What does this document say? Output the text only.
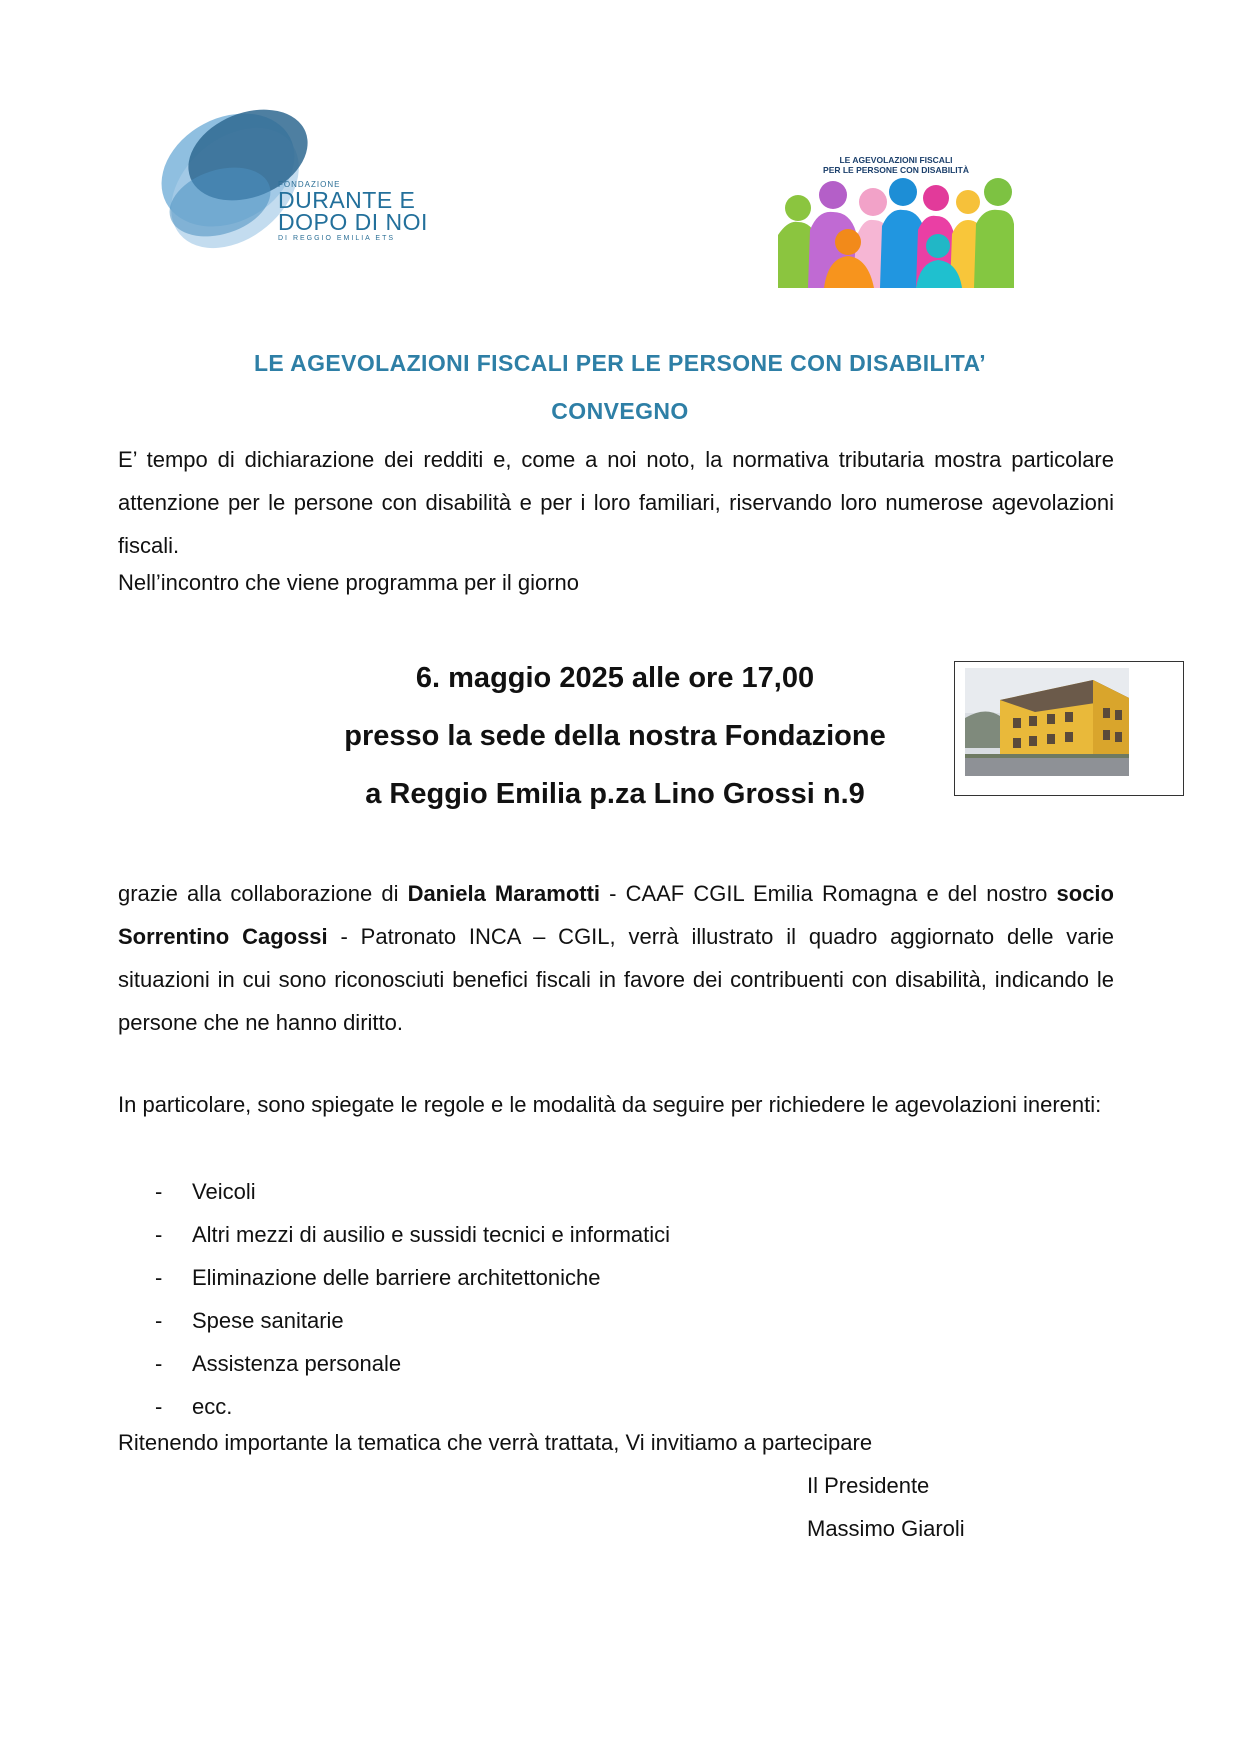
FONDAZIONE
DURANTE E
DOPO DI NOI
DI REGGIO EMILIA ETS
LE AGEVOLAZIONI FISCALI
PER LE PERSONE CON DISABILITÀ
LE AGEVOLAZIONI FISCALI PER LE PERSONE CON DISABILITA’
CONVEGNO
E’ tempo di dichiarazione dei redditi e, come a noi noto, la normativa tributaria mostra particolare attenzione per le persone con disabilità e per i loro familiari, riservando loro numerose agevolazioni fiscali.
Nell’incontro che viene programma per il giorno
6. maggio 2025 alle ore 17,00
presso la sede della nostra Fondazione
a Reggio Emilia p.za Lino Grossi n.9
grazie alla collaborazione di Daniela Maramotti - CAAF CGIL Emilia Romagna e del nostro socio Sorrentino Cagossi - Patronato INCA – CGIL, verrà illustrato il quadro aggiornato delle varie situazioni in cui sono riconosciuti benefici fiscali in favore dei contribuenti con disabilità, indicando le persone che ne hanno diritto.
In particolare, sono spiegate le regole e le modalità da seguire per richiedere le agevolazioni inerenti:
- Veicoli
- Altri mezzi di ausilio e sussidi tecnici e informatici
- Eliminazione delle barriere architettoniche
- Spese sanitarie
- Assistenza personale
- ecc.
Ritenendo importante la tematica che verrà trattata, Vi invitiamo a partecipare
Il Presidente
Massimo Giaroli
